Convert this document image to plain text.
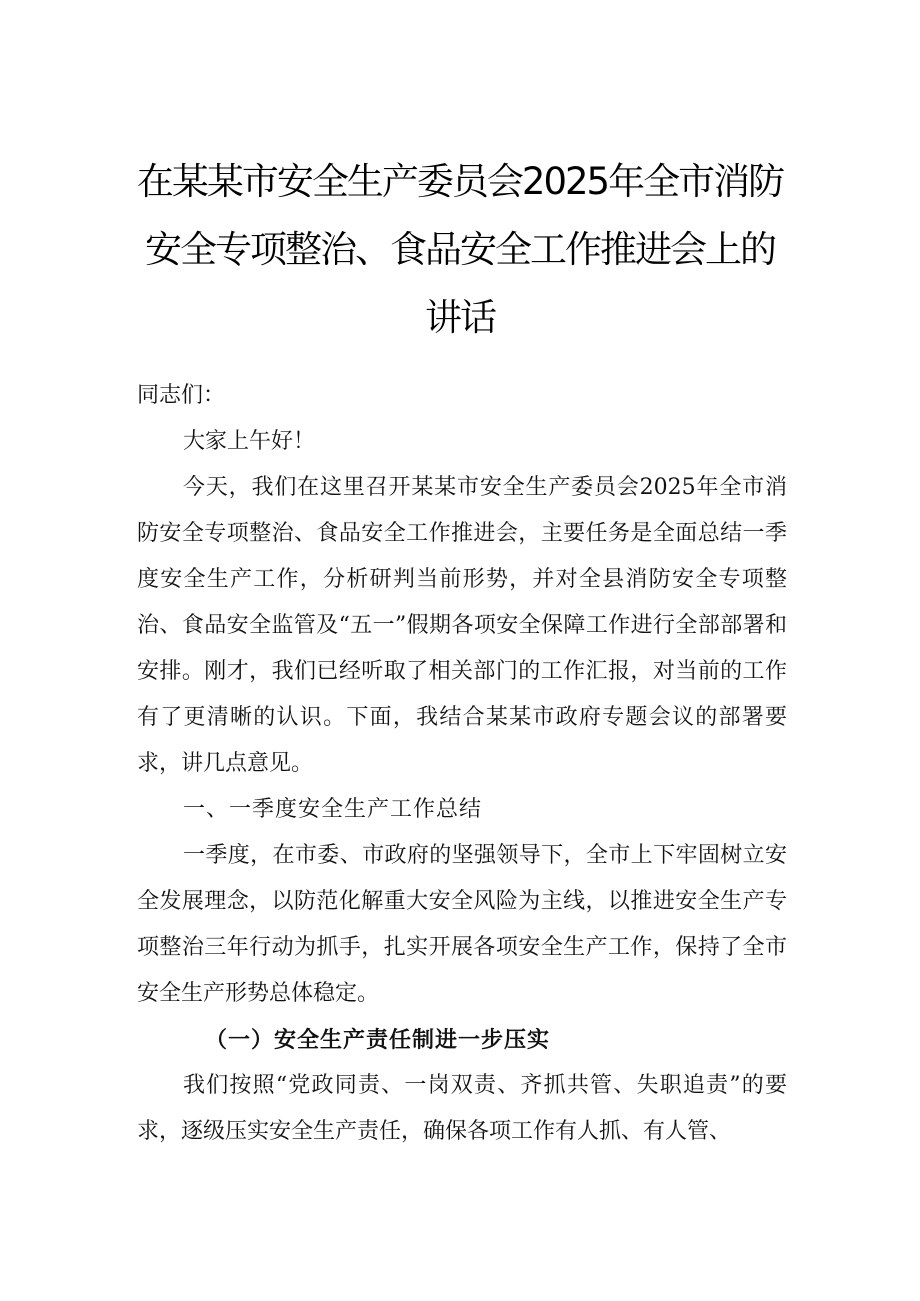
在某某市安全生产委员会2025年全市消防
安全专项整治、食品安全工作推进会上的
讲话

同志们：

大家上午好！

今天，我们在这里召开某某市安全生产委员会2025年全市消防安全专项整治、食品安全工作推进会，主要任务是全面总结一季度安全生产工作，分析研判当前形势，并对全县消防安全专项整治、食品安全监管及“五一”假期各项安全保障工作进行全部部署和安排。刚才，我们已经听取了相关部门的工作汇报，对当前的工作有了更清晰的认识。下面，我结合某某市政府专题会议的部署要求，讲几点意见。

一、一季度安全生产工作总结

一季度，在市委、市政府的坚强领导下，全市上下牢固树立安全发展理念，以防范化解重大安全风险为主线，以推进安全生产专项整治三年行动为抓手，扎实开展各项安全生产工作，保持了全市安全生产形势总体稳定。

（一）安全生产责任制进一步压实

我们按照“党政同责、一岗双责、齐抓共管、失职追责”的要求，逐级压实安全生产责任，确保各项工作有人抓、有人管、
